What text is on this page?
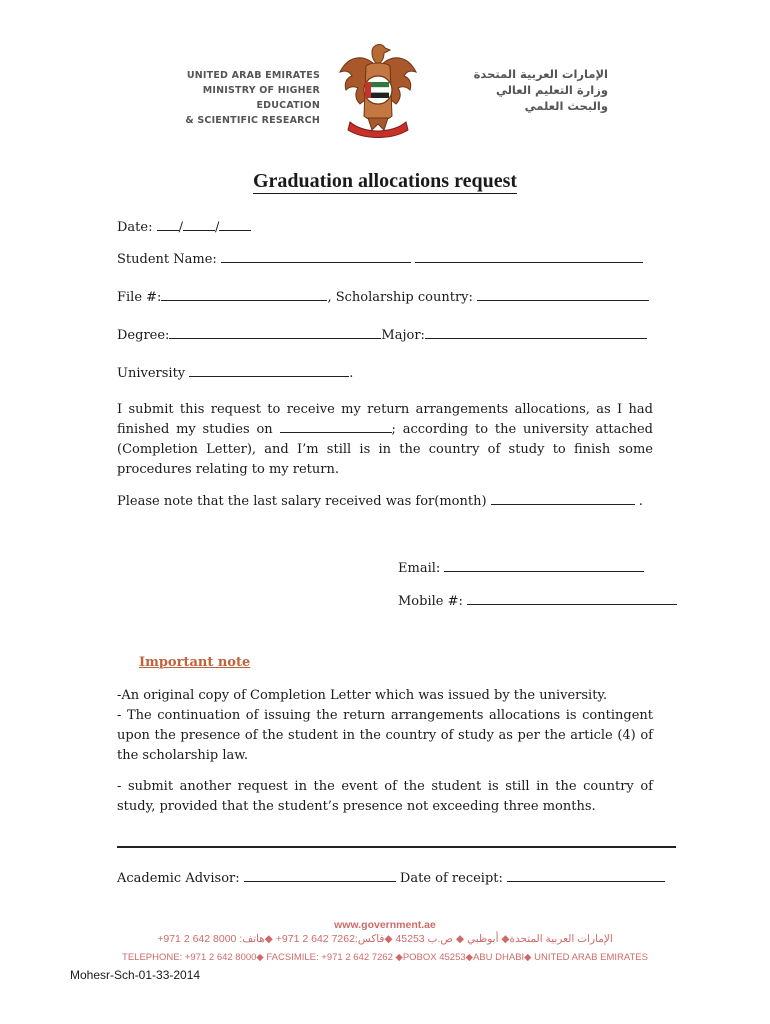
UNITED ARAB EMIRATES
MINISTRY OF HIGHER EDUCATION
& SCIENTIFIC RESEARCH
الإمارات العربية المتحدة
وزارة التعليم العالي
والبحث العلمي
Graduation allocations request
Date: / /
Student Name:
File #:	, Scholarship country:
Degree:	Major:
University	.
I submit this request to receive my return arrangements allocations, as I had finished my studies on	; according to the university attached (Completion Letter), and I’m still is in the country of study to finish some procedures relating to my return.
Please note that the last salary received was for(month)	.
Email:
Mobile #:
Important note
-An original copy of Completion Letter which was issued by the university.
- The continuation of issuing the return arrangements allocations is contingent upon the presence of the student in the country of study as per the article (4) of the scholarship law.
- submit another request in the event of the student is still in the country of study, provided that the student’s presence not exceeding three months.
Academic Advisor:	Date of receipt:
www.government.ae
الإمارات العربية المتحدة◆ أبوظبي ◆ ص.ب 45253 ◆فاكس:7262 642 2 971+ ◆هاتف: 8000 642 2 971+
TELEPHONE: +971 2 642 8000◆ FACSIMILE: +971 2 642 7262 ◆POBOX 45253◆ABU DHABI◆ UNITED ARAB EMIRATES
Mohesr-Sch-01-33-2014
